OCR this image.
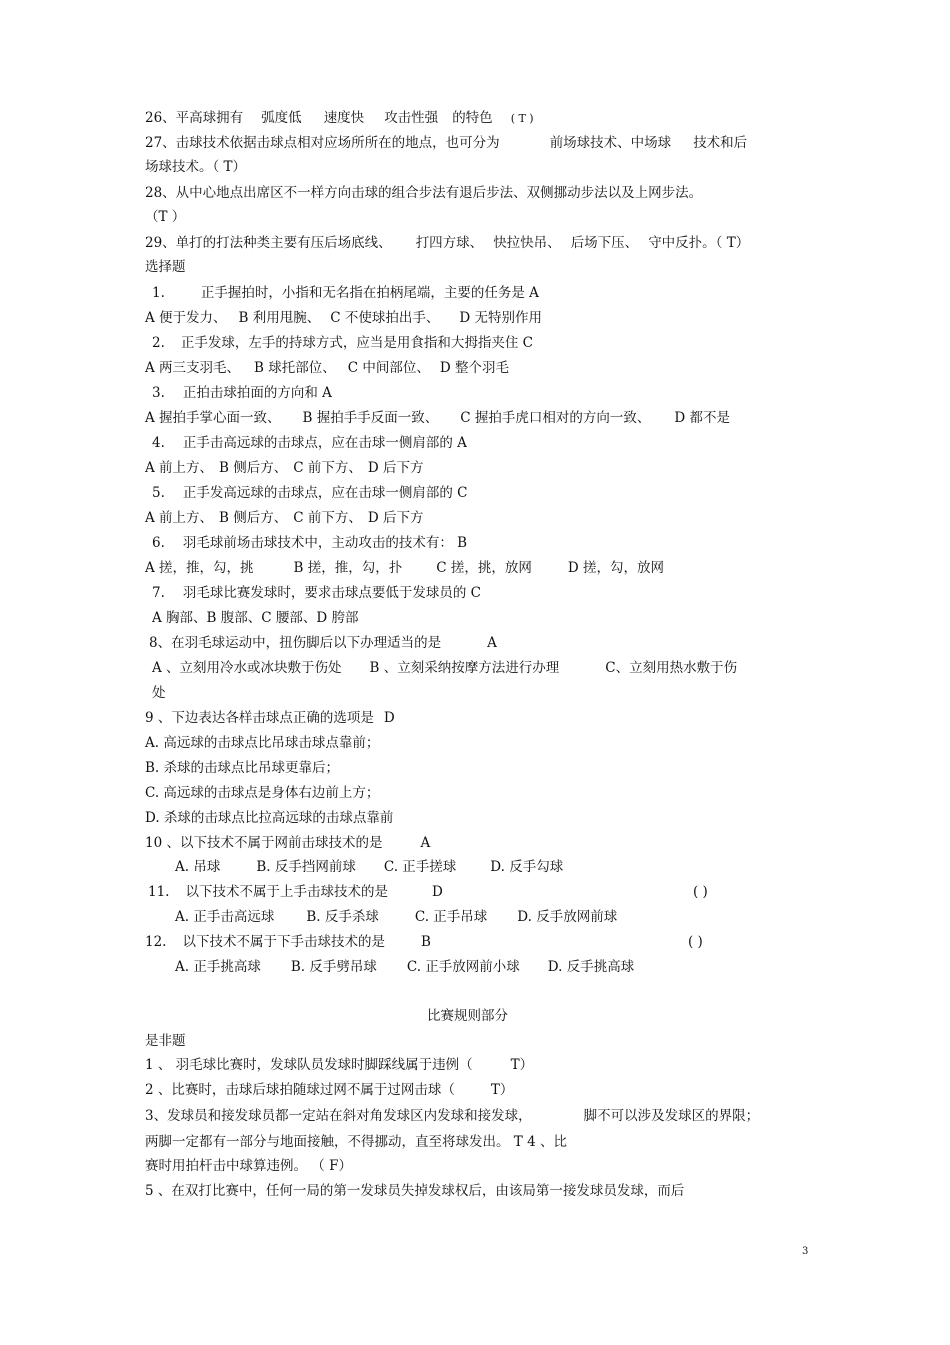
26、平高球拥有 弧度低 速度快 攻击性强 的特色 ( T )
27、击球技术依据击球点相对应场所所在的地点，也可分为	前场球技术、中场球 技术和后
场球技术。（ T）
28、从中心地点出席区不一样方向击球的组合步法有退后步法、双侧挪动步法以及上网步法。
（T ）
29、单打的打法种类主要有压后场底线、 打四方球、 快拉快吊、 后场下压、 守中反扑。（ T）
选择题
1.	正手握拍时，小指和无名指在拍柄尾端，主要的任务是 A
A 便于发力、 B 利用甩腕、 C 不使球拍出手、 D 无特别作用
2. 正手发球，左手的持球方式，应当是用食指和大拇指夹住 C
A 两三支羽毛、 B 球托部位、 C 中间部位、 D 整个羽毛
3. 正拍击球拍面的方向和 A
A 握拍手掌心面一致、 B 握拍手手反面一致、 C 握拍手虎口相对的方向一致、 D 都不是
4. 正手击高远球的击球点，应在击球一侧肩部的 A
A 前上方、 B 侧后方、 C 前下方、 D 后下方
5. 正手发高远球的击球点，应在击球一侧肩部的 C
A 前上方、 B 侧后方、 C 前下方、 D 后下方
6. 羽毛球前场击球技术中，主动攻击的技术有： B
A 搓，推，勾，挑	B 搓，推，勾，扑	C 搓，挑，放网	D 搓，勾，放网
7. 羽毛球比赛发球时，要求击球点要低于发球员的 C
A 胸部、B 腹部、C 腰部、D 胯部
8、在羽毛球运动中，扭伤脚后以下办理适当的是	A
A 、立刻用冷水或冰块敷于伤处 B 、立刻采纳按摩方法进行办理	C、立刻用热水敷于伤
处
9 、下边表达各样击球点正确的选项是 D
A. 高远球的击球点比吊球击球点靠前；
B. 杀球的击球点比吊球更靠后；
C. 高远球的击球点是身体右边前上方；
D. 杀球的击球点比拉高远球的击球点靠前
10 、以下技术不属于网前击球技术的是	A
A. 吊球	B. 反手挡网前球 C. 正手搓球	D. 反手勾球
11. 以下技术不属于上手击球技术的是	D	( )
A. 正手击高远球 B. 反手杀球	C. 正手吊球 D. 反手放网前球
12. 以下技术不属于下手击球技术的是	B	( )
A. 正手挑高球 B. 反手劈吊球 C. 正手放网前小球 D. 反手挑高球
比赛规则部分
是非题
1 、 羽毛球比赛时，发球队员发球时脚踩线属于违例（	T）
2 、比赛时，击球后球拍随球过网不属于过网击球（	T）
3、发球员和接发球员都一定站在斜对角发球区内发球和接发球，	脚不可以涉及发球区的界限；
两脚一定都有一部分与地面接触，不得挪动，直至将球发出。 T 4 、比
赛时用拍杆击中球算违例。 （ F）
5 、在双打比赛中，任何一局的第一发球员失掉发球权后，由该局第一接发球员发球，而后
3
